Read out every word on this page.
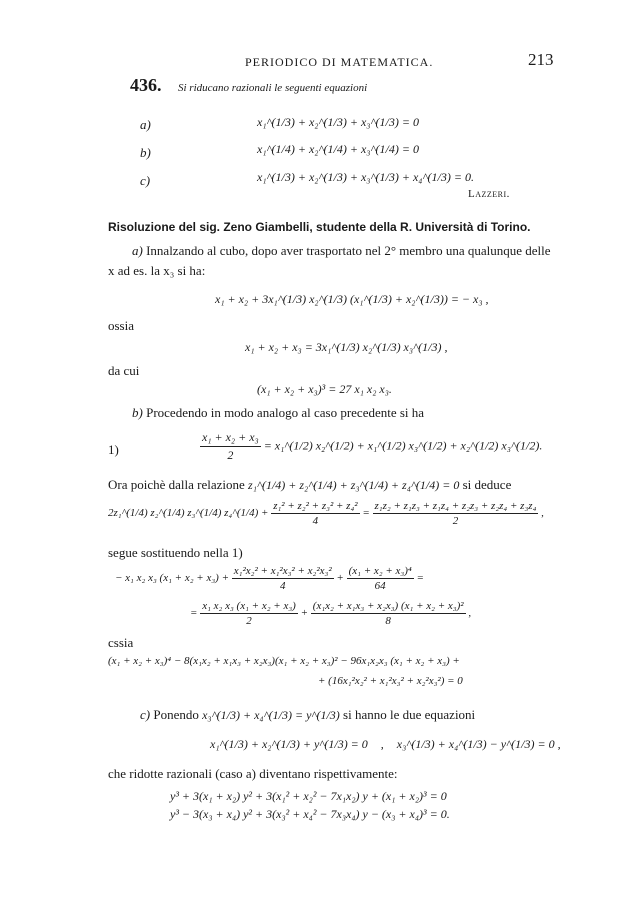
PERIODICO DI MATEMATICA.	213
436. Si riducano razionali le seguenti equazioni
a)	x₁^(1/3) + x₂^(1/3) + x₃^(1/3) = 0
b)	x₁^(1/4) + x₂^(1/4) + x₃^(1/4) = 0
c)	x₁^(1/3) + x₂^(1/3) + x₃^(1/3) + x₄^(1/3) = 0.
Lazzeri.
Risoluzione del sig. Zeno Giambelli, studente della R. Università di Torino.
a) Innalzando al cubo, dopo aver trasportato nel 2° membro una qualunque delle x ad es. la x₃ si ha:
x₁ + x₂ + 3x₁^(1/3) x₂^(1/3) (x₁^(1/3) + x₂^(1/3)) = − x₃ ,
ossia
x₁ + x₂ + x₃ = 3x₁^(1/3) x₂^(1/3) x₃^(1/3) ,
da cui
(x₁ + x₂ + x₃)³ = 27 x₁ x₂ x₃.
b) Procedendo in modo analogo al caso precedente si ha
1)	$\frac{\text{x₁ + x₂ + x₃}}{2}$ = x₁^(1/2) x₂^(1/2) + x₁^(1/2) x₃^(1/2) + x₂^(1/2) x₃^(1/2).
Ora poichè dalla relazione z₁^(1/4) + z₂^(1/4) + z₃^(1/4) + z₄^(1/4) = 0 si deduce
2z₁^(1/4) z₂^(1/4) z₃^(1/4) z₄^(1/4) + $\frac{\text{z₁² + z₂² + z₃² + z₄²}}{4} = \frac{\text{z₁z₂ + z₁z₃ + z₁z₄ + z₂z₃ + z₂z₄ + z₃z₄}}{2}$ ,
segue sostituendo nella 1)
− x₁ x₂ x₃ $(x_1 + x_2 + x_3) + \frac{\text{x₁²x₂² + x₁²x₃² + x₂²x₃²}}{4} + \frac{\text{(x₁ + x₂ + x₃)⁴}}{64}$ =
= $\frac{\text{x₁ x₂ x₃ (x₁ + x₂ + x₃)}}{2} + \frac{\text{(x₁x₂ + x₁x₃ + x₂x₃) (x₁ + x₂ + x₃)²}}{8}$ ,
cssia
(x₁ + x₂ + x₃)⁴ − 8(x₁x₂ + x₁x₃ + x₂x₃)(x₁ + x₂ + x₃)² − 96x₁x₂x₃ (x₁ + x₂ + x₃) +
+ (16x₁²x₂² + x₁²x₃² + x₂²x₃²) = 0
c) Ponendo x₃^(1/3) + x₄^(1/3) = y^(1/3) si hanno le due equazioni
x₁^(1/3) + x₂^(1/3) + y^(1/3) = 0 , x₃^(1/3) + x₄^(1/3) − y^(1/3) = 0 ,
che ridotte razionali (caso a) diventano rispettivamente:
y³ + 3(x₁ + x₂) y² + 3(x₁² + x₂² − 7x₁x₂) y + (x₁ + x₂)³ = 0
y³ − 3(x₃ + x₄) y² + 3(x₃² + x₄² − 7x₃x₄) y − (x₃ + x₄)³ = 0.
